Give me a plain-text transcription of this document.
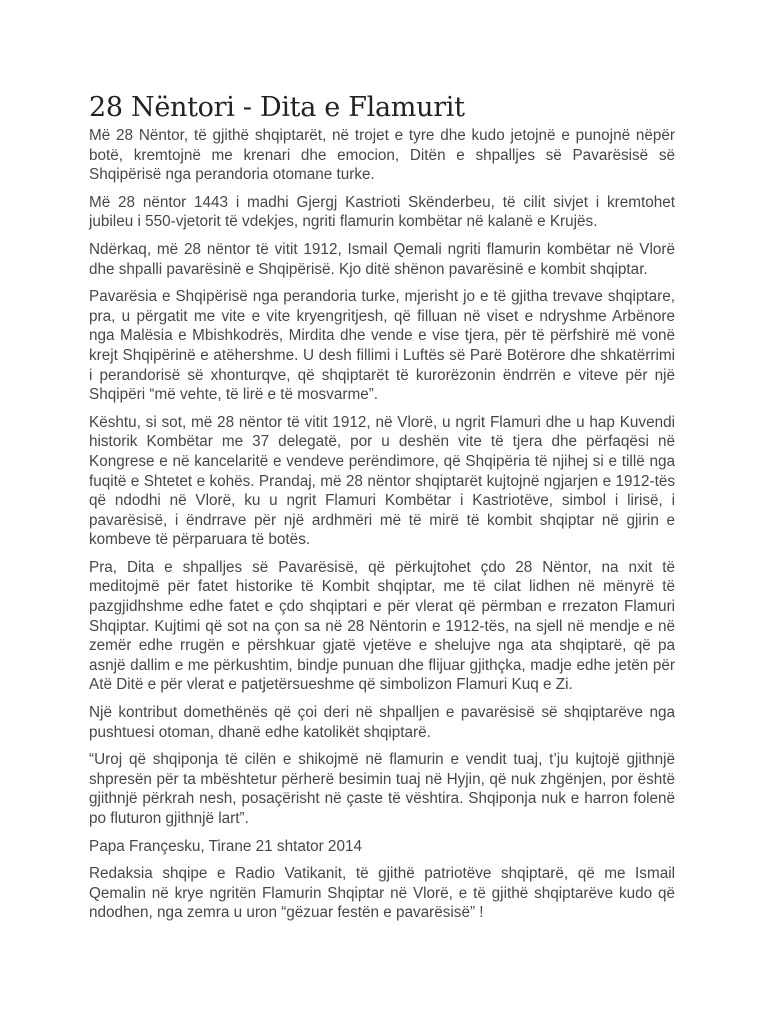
28 Nëntori - Dita e Flamurit

Më 28 Nëntor, të gjithë shqiptarët, në trojet e tyre dhe kudo jetojnë e punojnë nëpër botë, kremtojnë me krenari dhe emocion, Ditën e shpalljes së Pavarësisë së Shqipërisë nga perandoria otomane turke.

Më 28 nëntor 1443 i madhi Gjergj Kastrioti Skënderbeu, të cilit sivjet i kremtohet jubileu i 550-vjetorit të vdekjes, ngriti flamurin kombëtar në kalanë e Krujës.

Ndërkaq, më 28 nëntor të vitit 1912, Ismail Qemali ngriti flamurin kombëtar në Vlorë dhe shpalli pavarësinë e Shqipërisë. Kjo ditë shënon pavarësinë e kombit shqiptar.

Pavarësia e Shqipërisë nga perandoria turke, mjerisht jo e të gjitha trevave shqiptare, pra, u përgatit me vite e vite kryengritjesh, që filluan në viset e ndryshme Arbënore nga Malësia e Mbishkodrës, Mirdita dhe vende e vise tjera, për të përfshirë më vonë krejt Shqipërinë e atëhershme. U desh fillimi i Luftës së Parë Botërore dhe shkatërrimi i perandorisë së xhonturqve, që shqiptarët të kurorëzonin ëndrrën e viteve për një Shqipëri “më vehte, të lirë e të mosvarme”.

Kështu, si sot, më 28 nëntor të vitit 1912, në Vlorë, u ngrit Flamuri dhe u hap Kuvendi historik Kombëtar me 37 delegatë, por u deshën vite të tjera dhe përfaqësi në Kongrese e në kancelaritë e vendeve perëndimore, që Shqipëria të njihej si e tillë nga fuqitë e Shtetet e kohës. Prandaj, më 28 nëntor shqiptarët kujtojnë ngjarjen e 1912-tës që ndodhi në Vlorë, ku u ngrit Flamuri Kombëtar i Kastriotëve, simbol i lirisë, i pavarësisë, i ëndrrave për një ardhmëri më të mirë të kombit shqiptar në gjirin e kombeve të përparuara të botës.

Pra, Dita e shpalljes së Pavarësisë, që përkujtohet çdo 28 Nëntor, na nxit të meditojmë për fatet historike të Kombit shqiptar, me të cilat lidhen në mënyrë të pazgjidhshme edhe fatet e çdo shqiptari e për vlerat që përmban e rrezaton Flamuri Shqiptar. Kujtimi që sot na çon sa në 28 Nëntorin e 1912-tës, na sjell në mendje e në zemër edhe rrugën e përshkuar gjatë vjetëve e shelujve nga ata shqiptarë, që pa asnjë dallim e me përkushtim, bindje punuan dhe flijuar gjithçka, madje edhe jetën për Atë Ditë e për vlerat e patjetërsueshme që simbolizon Flamuri Kuq e Zi.

Një kontribut domethënës që çoi deri në shpalljen e pavarësisë së shqiptarëve nga pushtuesi otoman, dhanë edhe katolikët shqiptarë.

“Uroj që shqiponja të cilën e shikojmë në flamurin e vendit tuaj, t’ju kujtojë gjithnjë shpresën për ta mbështetur përherë besimin tuaj në Hyjin, që nuk zhgënjen, por është gjithnjë përkrah nesh, posaçërisht në çaste të vështira. Shqiponja nuk e harron folenë po fluturon gjithnjë lart”.

Papa Françesku, Tirane 21 shtator 2014

Redaksia shqipe e Radio Vatikanit, të gjithë patriotëve shqiptarë, që me Ismail Qemalin në krye ngritën Flamurin Shqiptar në Vlorë, e të gjithë shqiptarëve kudo që ndodhen, nga zemra u uron “gëzuar festën e pavarësisë” !
